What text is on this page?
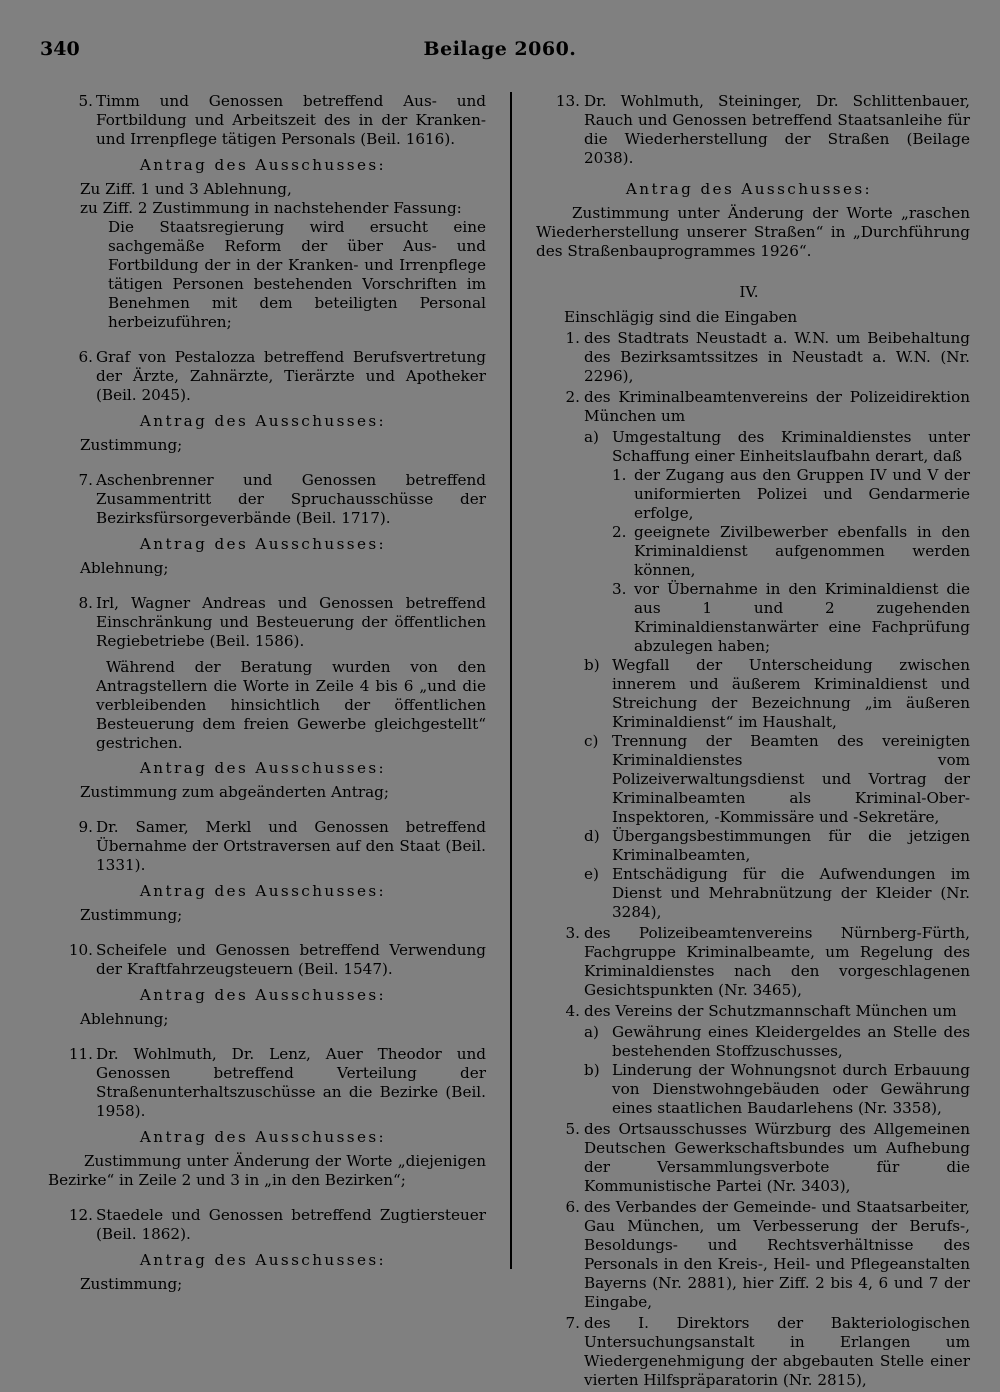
340	Beilage 2060.
5. Timm und Genossen betreffend Aus- und Fortbildung und Arbeitszeit des in der Kranken- und Irrenpflege tätigen Personals (Beil. 1616).
Antrag des Ausschusses:
Zu Ziff. 1 und 3 Ablehnung,
zu Ziff. 2 Zustimmung in nachstehender Fassung:
Die Staatsregierung wird ersucht eine sachgemäße Reform der über Aus- und Fortbildung der in der Kranken- und Irrenpflege tätigen Personen bestehenden Vorschriften im Benehmen mit dem beteiligten Personal herbeizuführen;
6. Graf von Pestalozza betreffend Berufsvertretung der Ärzte, Zahnärzte, Tierärzte und Apotheker (Beil. 2045).
Antrag des Ausschusses:
Zustimmung;
7. Aschenbrenner und Genossen betreffend Zusammentritt der Spruchausschüsse der Bezirksfürsorgeverbände (Beil. 1717).
Antrag des Ausschusses:
Ablehnung;
8. Irl, Wagner Andreas und Genossen betreffend Einschränkung und Besteuerung der öffentlichen Regiebetriebe (Beil. 1586).
Während der Beratung wurden von den Antragstellern die Worte in Zeile 4 bis 6 „und die verbleibenden hinsichtlich der öffentlichen Besteuerung dem freien Gewerbe gleichgestellt“ gestrichen.
Antrag des Ausschusses:
Zustimmung zum abgeänderten Antrag;
9. Dr. Samer, Merkl und Genossen betreffend Übernahme der Ortstraversen auf den Staat (Beil. 1331).
Antrag des Ausschusses:
Zustimmung;
10. Scheifele und Genossen betreffend Verwendung der Kraftfahrzeugsteuern (Beil. 1547).
Antrag des Ausschusses:
Ablehnung;
11. Dr. Wohlmuth, Dr. Lenz, Auer Theodor und Genossen betreffend Verteilung der Straßenunterhaltszuschüsse an die Bezirke (Beil. 1958).
Antrag des Ausschusses:
Zustimmung unter Änderung der Worte „diejenigen Bezirke“ in Zeile 2 und 3 in „in den Bezirken“;
12. Staedele und Genossen betreffend Zugtiersteuer (Beil. 1862).
Antrag des Ausschusses:
Zustimmung;
13. Dr. Wohlmuth, Steininger, Dr. Schlittenbauer, Rauch und Genossen betreffend Staatsanleihe für die Wiederherstellung der Straßen (Beilage 2038).
Antrag des Ausschusses:
Zustimmung unter Änderung der Worte „raschen Wiederherstellung unserer Straßen“ in „Durchführung des Straßenbauprogrammes 1926“.
IV.
Einschlägig sind die Eingaben
1. des Stadtrats Neustadt a. W.N. um Beibehaltung des Bezirksamtssitzes in Neustadt a. W.N. (Nr. 2296),
2. des Kriminalbeamtenvereins der Polizeidirektion München um
a) Umgestaltung des Kriminaldienstes unter Schaffung einer Einheitslaufbahn derart, daß
1. der Zugang aus den Gruppen IV und V der uniformierten Polizei und Gendarmerie erfolge,
2. geeignete Zivilbewerber ebenfalls in den Kriminaldienst aufgenommen werden können,
3. vor Übernahme in den Kriminaldienst die aus 1 und 2 zugehenden Kriminaldienstanwärter eine Fachprüfung abzulegen haben;
b) Wegfall der Unterscheidung zwischen innerem und äußerem Kriminaldienst und Streichung der Bezeichnung „im äußeren Kriminaldienst“ im Haushalt,
c) Trennung der Beamten des vereinigten Kriminaldienstes vom Polizeiverwaltungsdienst und Vortrag der Kriminalbeamten als Kriminal-Ober-Inspektoren, -Kommissäre und -Sekretäre,
d) Übergangsbestimmungen für die jetzigen Kriminalbeamten,
e) Entschädigung für die Aufwendungen im Dienst und Mehrabnützung der Kleider (Nr. 3284),
3. des Polizeibeamtenvereins Nürnberg-Fürth, Fachgruppe Kriminalbeamte, um Regelung des Kriminaldienstes nach den vorgeschlagenen Gesichtspunkten (Nr. 3465),
4. des Vereins der Schutzmannschaft München um
a) Gewährung eines Kleidergeldes an Stelle des bestehenden Stoffzuschusses,
b) Linderung der Wohnungsnot durch Erbauung von Dienstwohngebäuden oder Gewährung eines staatlichen Baudarlehens (Nr. 3358),
5. des Ortsausschusses Würzburg des Allgemeinen Deutschen Gewerkschaftsbundes um Aufhebung der Versammlungsverbote für die Kommunistische Partei (Nr. 3403),
6. des Verbandes der Gemeinde- und Staatsarbeiter, Gau München, um Verbesserung der Berufs-, Besoldungs- und Rechtsverhältnisse des Personals in den Kreis-, Heil- und Pflegeanstalten Bayerns (Nr. 2881), hier Ziff. 2 bis 4, 6 und 7 der Eingabe,
7. des I. Direktors der Bakteriologischen Untersuchungsanstalt in Erlangen um Wiedergenehmigung der abgebauten Stelle einer vierten Hilfspräparatorin (Nr. 2815),
